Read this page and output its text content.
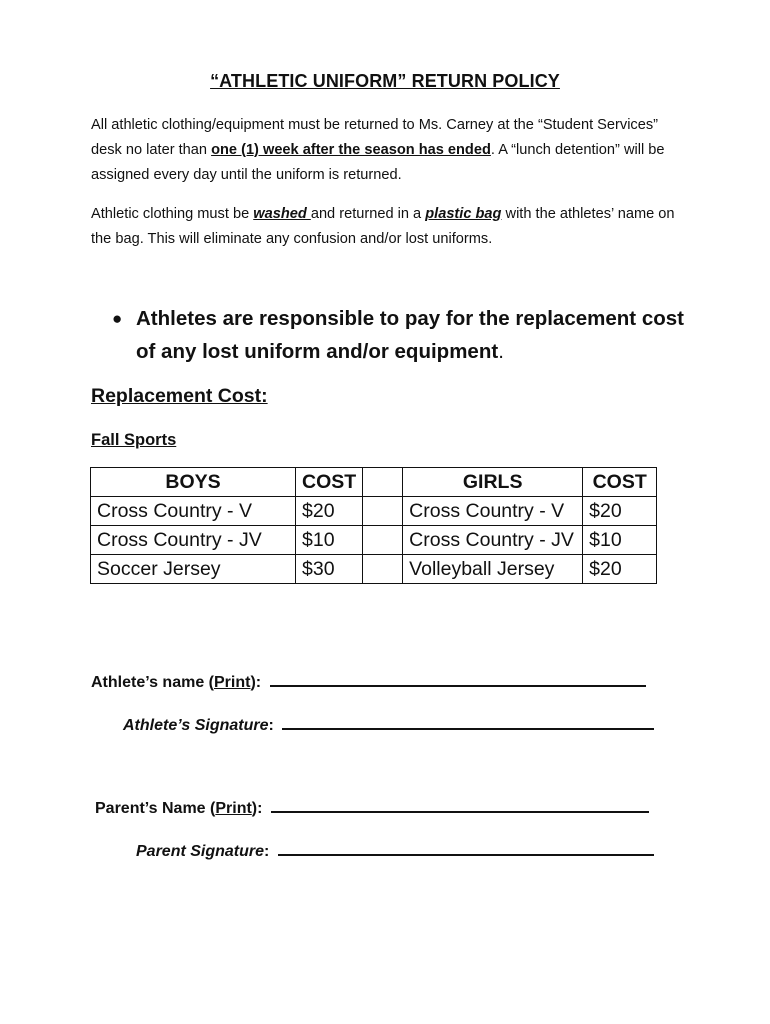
“ATHLETIC UNIFORM” RETURN POLICY
All athletic clothing/equipment must be returned to Ms. Carney at the “Student Services” desk no later than one (1) week after the season has ended. A “lunch detention” will be assigned every day until the uniform is returned.
Athletic clothing must be washed and returned in a plastic bag with the athletes’ name on the bag. This will eliminate any confusion and/or lost uniforms.
● Athletes are responsible to pay for the replacement cost of any lost uniform and/or equipment.
Replacement Cost:
Fall Sports
BOYS	COST		GIRLS	COST
Cross Country - V	$20		Cross Country - V	$20
Cross Country - JV	$10		Cross Country - JV	$10
Soccer Jersey	$30		Volleyball Jersey	$20
Athlete’s name (Print):
Athlete’s Signature:
Parent’s Name (Print):
Parent Signature:
